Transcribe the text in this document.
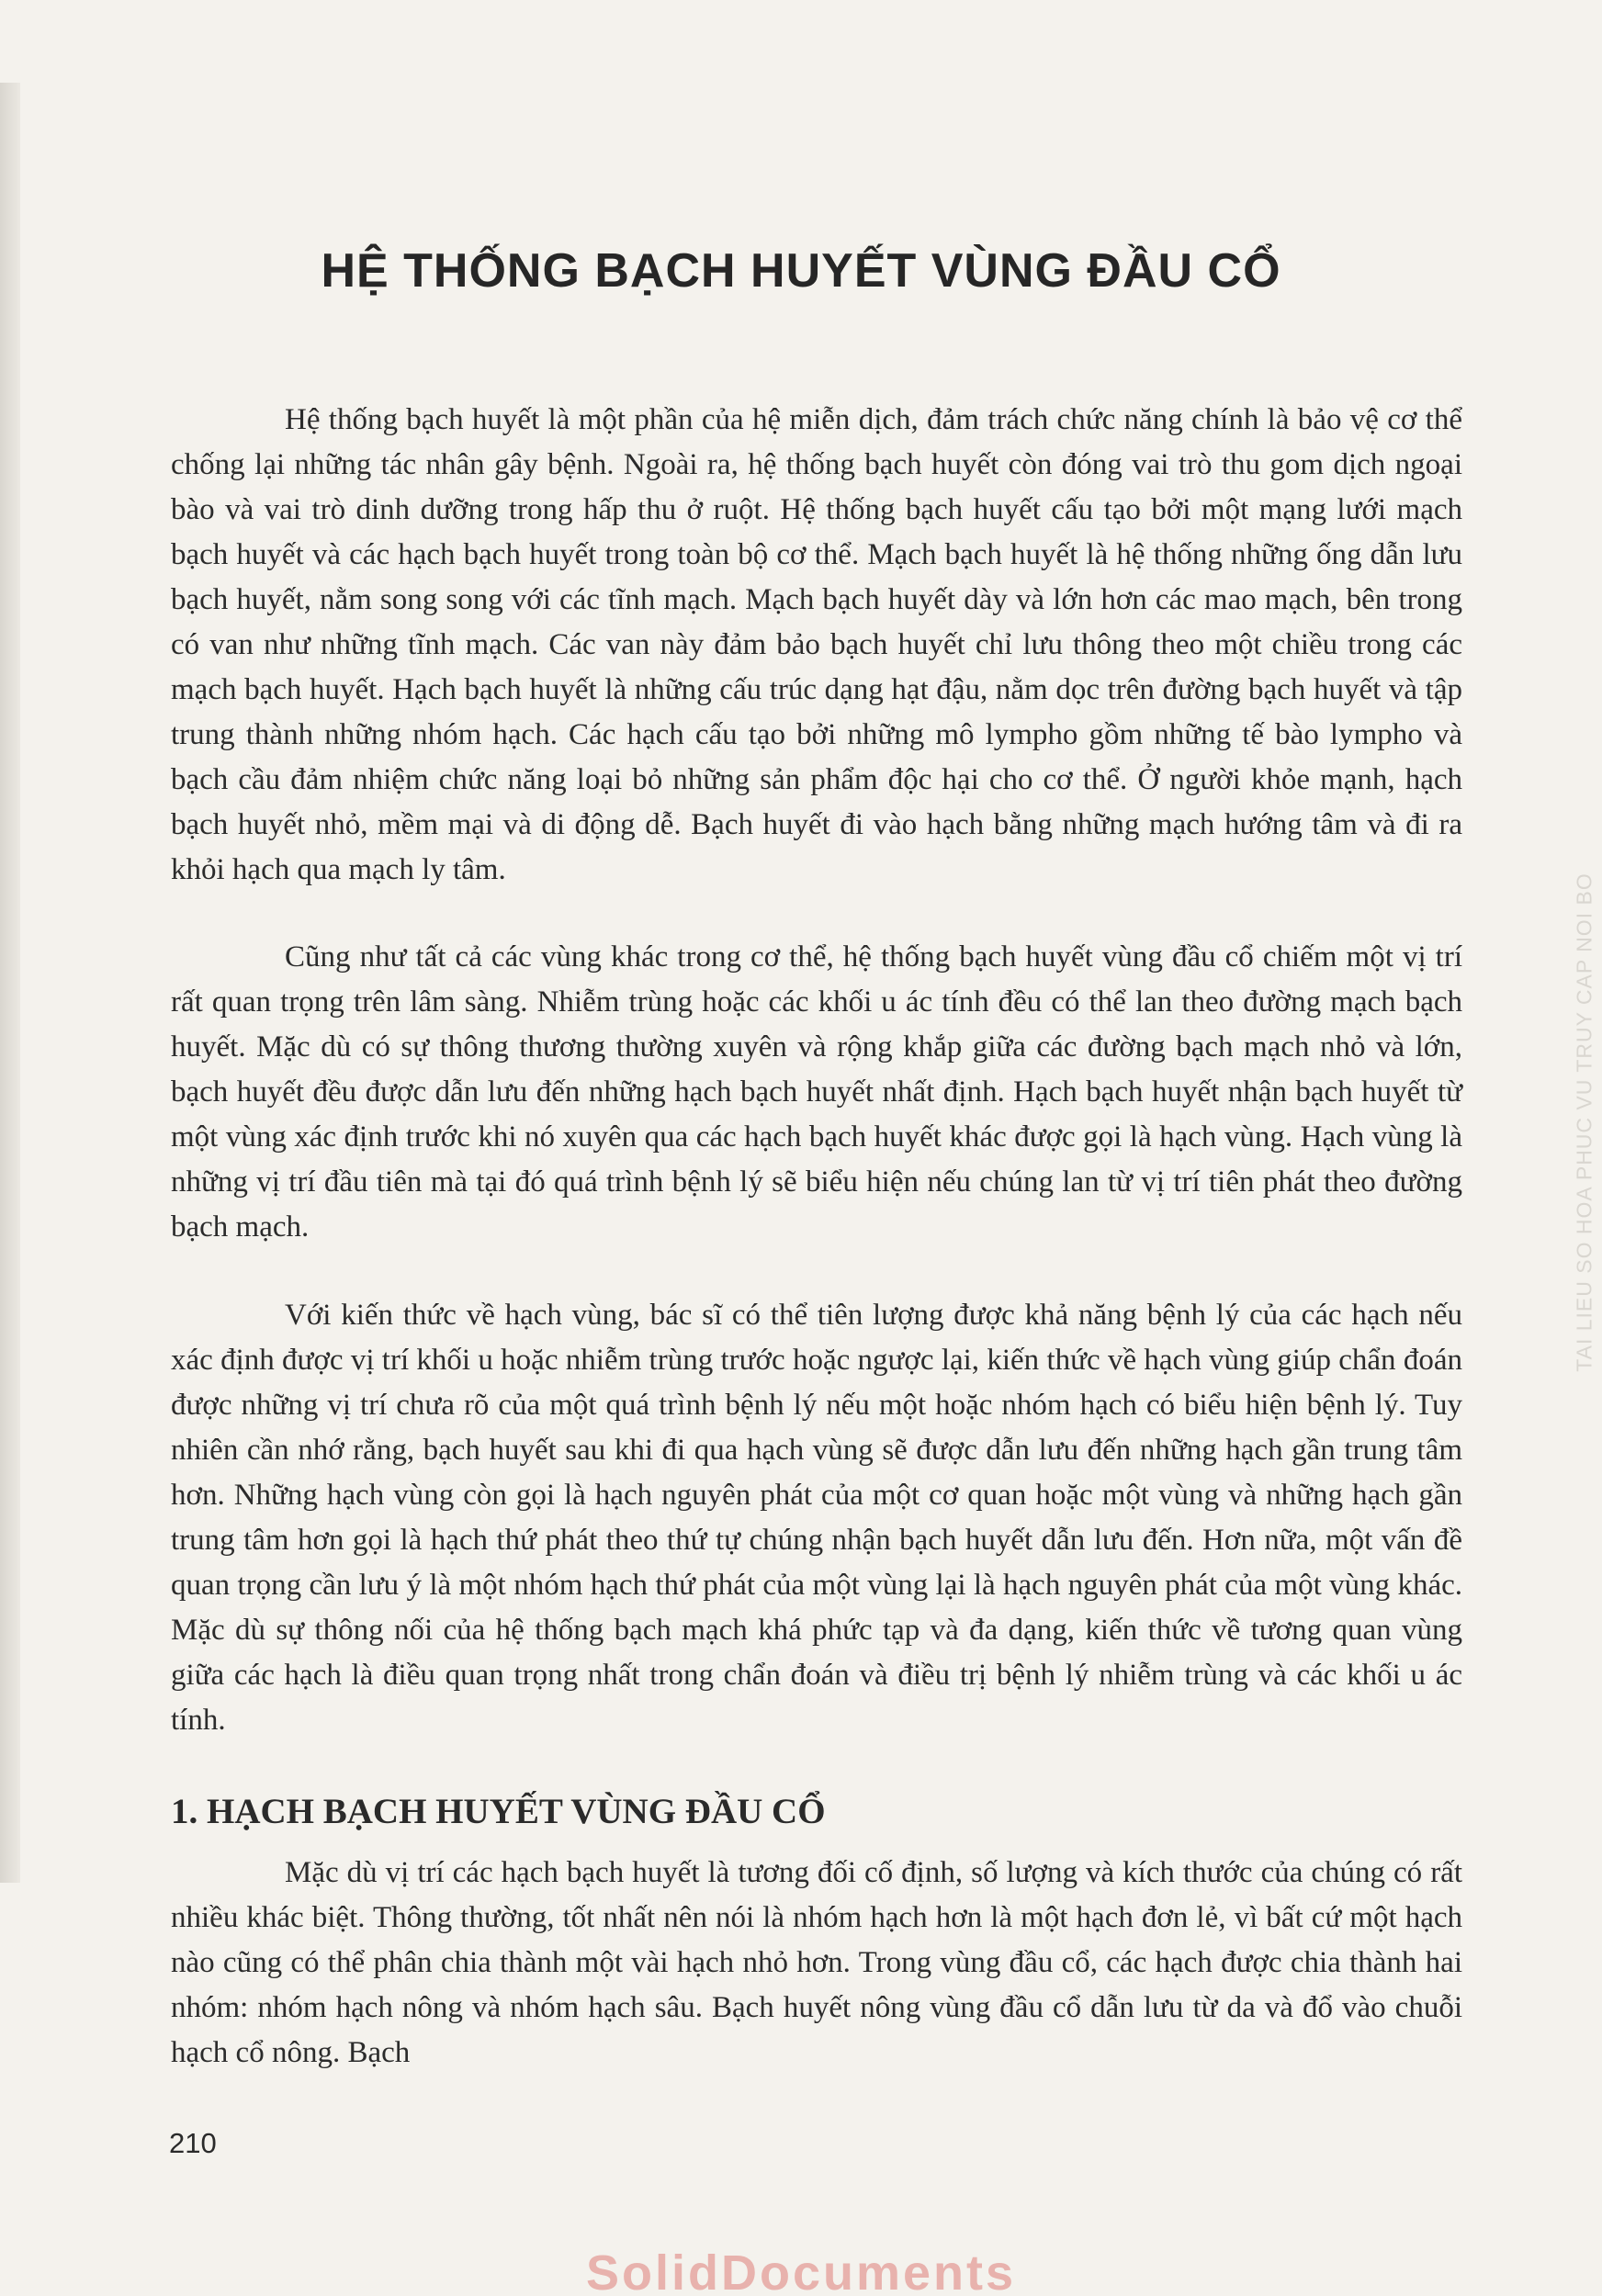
HỆ THỐNG BẠCH HUYẾT VÙNG ĐẦU CỔ

Hệ thống bạch huyết là một phần của hệ miễn dịch, đảm trách chức năng chính là bảo vệ cơ thể chống lại những tác nhân gây bệnh. Ngoài ra, hệ thống bạch huyết còn đóng vai trò thu gom dịch ngoại bào và vai trò dinh dưỡng trong hấp thu ở ruột. Hệ thống bạch huyết cấu tạo bởi một mạng lưới mạch bạch huyết và các hạch bạch huyết trong toàn bộ cơ thể. Mạch bạch huyết là hệ thống những ống dẫn lưu bạch huyết, nằm song song với các tĩnh mạch. Mạch bạch huyết dày và lớn hơn các mao mạch, bên trong có van như những tĩnh mạch. Các van này đảm bảo bạch huyết chỉ lưu thông theo một chiều trong các mạch bạch huyết. Hạch bạch huyết là những cấu trúc dạng hạt đậu, nằm dọc trên đường bạch huyết và tập trung thành những nhóm hạch. Các hạch cấu tạo bởi những mô lympho gồm những tế bào lympho và bạch cầu đảm nhiệm chức năng loại bỏ những sản phẩm độc hại cho cơ thể. Ở người khỏe mạnh, hạch bạch huyết nhỏ, mềm mại và di động dễ. Bạch huyết đi vào hạch bằng những mạch hướng tâm và đi ra khỏi hạch qua mạch ly tâm.

Cũng như tất cả các vùng khác trong cơ thể, hệ thống bạch huyết vùng đầu cổ chiếm một vị trí rất quan trọng trên lâm sàng. Nhiễm trùng hoặc các khối u ác tính đều có thể lan theo đường mạch bạch huyết. Mặc dù có sự thông thương thường xuyên và rộng khắp giữa các đường bạch mạch nhỏ và lớn, bạch huyết đều được dẫn lưu đến những hạch bạch huyết nhất định. Hạch bạch huyết nhận bạch huyết từ một vùng xác định trước khi nó xuyên qua các hạch bạch huyết khác được gọi là hạch vùng. Hạch vùng là những vị trí đầu tiên mà tại đó quá trình bệnh lý sẽ biểu hiện nếu chúng lan từ vị trí tiên phát theo đường bạch mạch.

Với kiến thức về hạch vùng, bác sĩ có thể tiên lượng được khả năng bệnh lý của các hạch nếu xác định được vị trí khối u hoặc nhiễm trùng trước hoặc ngược lại, kiến thức về hạch vùng giúp chẩn đoán được những vị trí chưa rõ của một quá trình bệnh lý nếu một hoặc nhóm hạch có biểu hiện bệnh lý. Tuy nhiên cần nhớ rằng, bạch huyết sau khi đi qua hạch vùng sẽ được dẫn lưu đến những hạch gần trung tâm hơn. Những hạch vùng còn gọi là hạch nguyên phát của một cơ quan hoặc một vùng và những hạch gần trung tâm hơn gọi là hạch thứ phát theo thứ tự chúng nhận bạch huyết dẫn lưu đến. Hơn nữa, một vấn đề quan trọng cần lưu ý là một nhóm hạch thứ phát của một vùng lại là hạch nguyên phát của một vùng khác. Mặc dù sự thông nối của hệ thống bạch mạch khá phức tạp và đa dạng, kiến thức về tương quan vùng giữa các hạch là điều quan trọng nhất trong chẩn đoán và điều trị bệnh lý nhiễm trùng và các khối u ác tính.

1. HẠCH BẠCH HUYẾT VÙNG ĐẦU CỔ

Mặc dù vị trí các hạch bạch huyết là tương đối cố định, số lượng và kích thước của chúng có rất nhiều khác biệt. Thông thường, tốt nhất nên nói là nhóm hạch hơn là một hạch đơn lẻ, vì bất cứ một hạch nào cũng có thể phân chia thành một vài hạch nhỏ hơn. Trong vùng đầu cổ, các hạch được chia thành hai nhóm: nhóm hạch nông và nhóm hạch sâu. Bạch huyết nông vùng đầu cổ dẫn lưu từ da và đổ vào chuỗi hạch cổ nông. Bạch

210
TAI LIEU SO HOA PHUC VU TRUY CAP NOI BO
SolidDocuments
